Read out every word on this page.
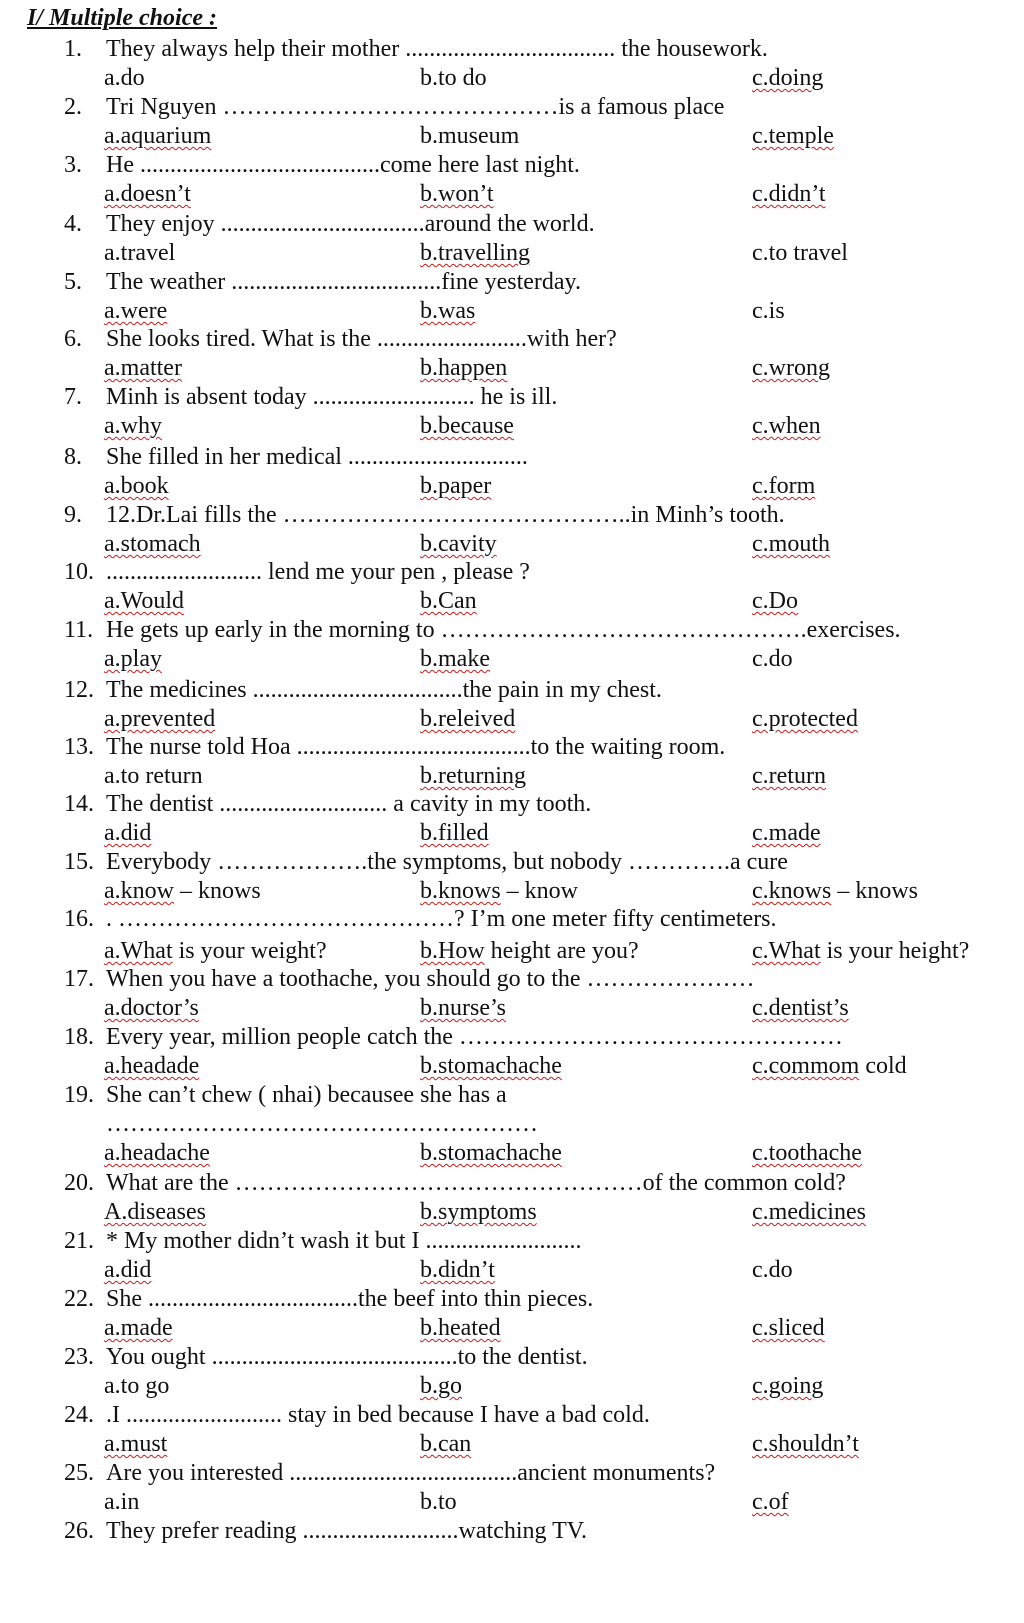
I/ Multiple choice :
1. They always help their mother ................................... the housework.
a.do	b.to do	c.doing
2. Tri Nguyen ……………………………………is a famous place
a.aquarium	b.museum	c.temple
3. He ........................................come here last night.
a.doesn’t	b.won’t	c.didn’t
4. They enjoy ..................................around the world.
a.travel	b.travelling	c.to travel
5. The weather ...................................fine yesterday.
a.were	b.was	c.is
6. She looks tired. What is the .........................with her?
a.matter	b.happen	c.wrong
7. Minh is absent today ........................... he is ill.
a.why	b.because	c.when
8. She filled in her medical ..............................
a.book	b.paper	c.form
9. 12.Dr.Lai fills the ……………………………………..in Minh’s tooth.
a.stomach	b.cavity	c.mouth
10. .......................... lend me your pen , please ?
a.Would	b.Can	c.Do
11. He gets up early in the morning to ……………………………………….exercises.
a.play	b.make	c.do
12. The medicines ...................................the pain in my chest.
a.prevented	b.releived	c.protected
13. The nurse told Hoa .......................................to the waiting room.
a.to return	b.returning	c.return
14. The dentist ............................ a cavity in my tooth.
a.did	b.filled	c.made
15. Everybody ……………….the symptoms, but nobody ………….a cure
a.know – knows	b.knows – know	c.knows – knows
16. . ……………………………………? I’m one meter fifty centimeters.
a.What is your weight?	b.How height are you?	c.What is your height?
17. When you have a toothache, you should go to the …………………
a.doctor’s	b.nurse’s	c.dentist’s
18. Every year, million people catch the …………………………………………
a.headade	b.stomachache	c.commom cold
19. She can’t chew ( nhai) becausee she has a
………………………………………………
a.headache	b.stomachache	c.toothache
20. What are the ……………………………………………of the common cold?
A.diseases	b.symptoms	c.medicines
21. * My mother didn’t wash it but I ..........................
a.did	b.didn’t	c.do
22. She ...................................the beef into thin pieces.
a.made	b.heated	c.sliced
23. You ought .........................................to the dentist.
a.to go	b.go	c.going
24. .I .......................... stay in bed because I have a bad cold.
a.must	b.can	c.shouldn’t
25. Are you interested ......................................ancient monuments?
a.in	b.to	c.of
26. They prefer reading ..........................watching TV.
